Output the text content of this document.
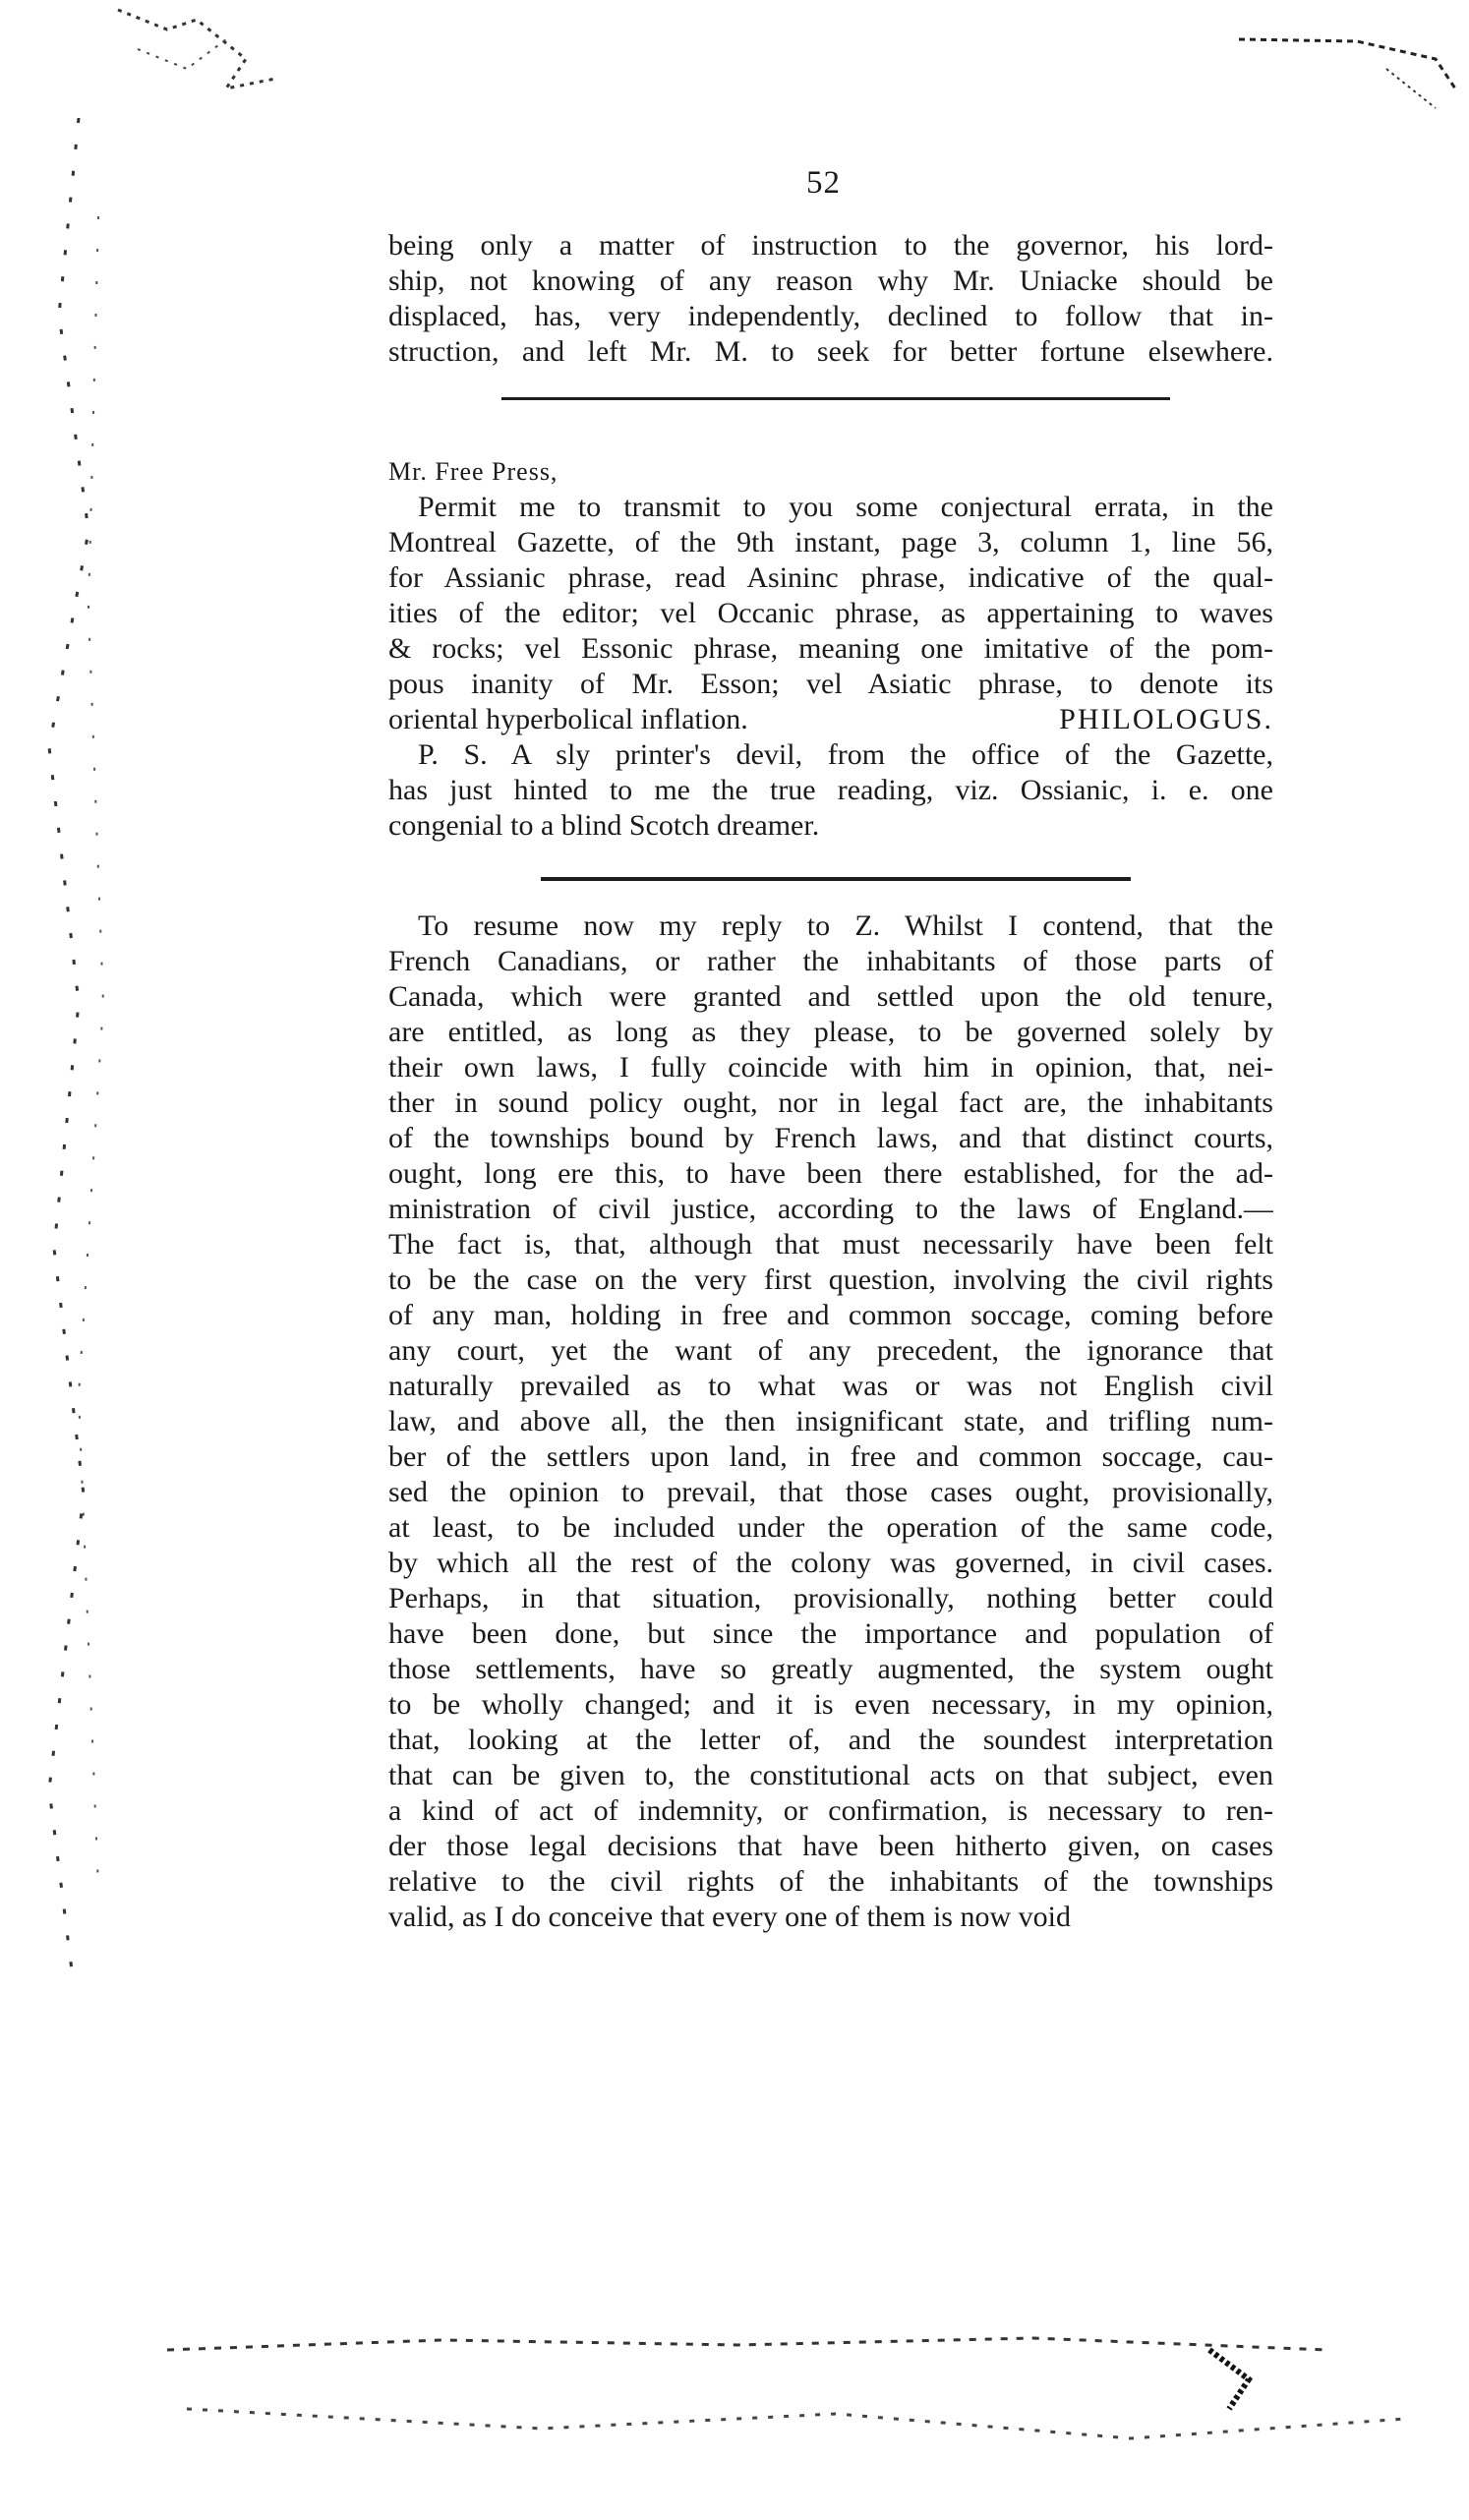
52
being only a matter of instruction to the governor, his lord-
ship, not knowing of any reason why Mr. Uniacke should be
displaced, has, very independently, declined to follow that in-
struction, and left Mr. M. to seek for better fortune elsewhere.
Mr. Free Press,
Permit me to transmit to you some conjectural errata, in the
Montreal Gazette, of the 9th instant, page 3, column 1, line 56,
for Assianic phrase, read Asininc phrase, indicative of the qual-
ities of the editor; vel Occanic phrase, as appertaining to waves
& rocks; vel Essonic phrase, meaning one imitative of the pom-
pous inanity of Mr. Esson; vel Asiatic phrase, to denote its
oriental hyperbolical inflation.	PHILOLOGUS.
P. S. A sly printer's devil, from the office of the Gazette,
has just hinted to me the true reading, viz. Ossianic, i. e. one
congenial to a blind Scotch dreamer.
To resume now my reply to Z. Whilst I contend, that the
French Canadians, or rather the inhabitants of those parts of
Canada, which were granted and settled upon the old tenure,
are entitled, as long as they please, to be governed solely by
their own laws, I fully coincide with him in opinion, that, nei-
ther in sound policy ought, nor in legal fact are, the inhabitants
of the townships bound by French laws, and that distinct courts,
ought, long ere this, to have been there established, for the ad-
ministration of civil justice, according to the laws of England.—
The fact is, that, although that must necessarily have been felt
to be the case on the very first question, involving the civil rights
of any man, holding in free and common soccage, coming before
any court, yet the want of any precedent, the ignorance that
naturally prevailed as to what was or was not English civil
law, and above all, the then insignificant state, and trifling num-
ber of the settlers upon land, in free and common soccage, cau-
sed the opinion to prevail, that those cases ought, provisionally,
at least, to be included under the operation of the same code,
by which all the rest of the colony was governed, in civil cases.
Perhaps, in that situation, provisionally, nothing better could
have been done, but since the importance and population of
those settlements, have so greatly augmented, the system ought
to be wholly changed; and it is even necessary, in my opinion,
that, looking at the letter of, and the soundest interpretation
that can be given to, the constitutional acts on that subject, even
a kind of act of indemnity, or confirmation, is necessary to ren-
der those legal decisions that have been hitherto given, on cases
relative to the civil rights of the inhabitants of the townships
valid, as I do conceive that every one of them is now void
